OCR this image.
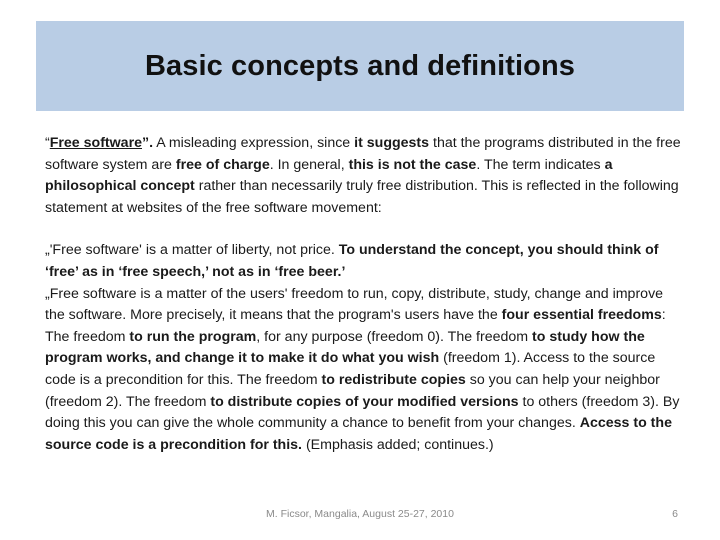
Basic concepts and definitions

“Free software”. A misleading expression, since it suggests that the programs distributed in the free software system are free of charge. In general, this is not the case. The term indicates a philosophical concept rather than necessarily truly free distribution. This is reflected in the following statement at websites of the free software movement:

„'Free software' is a matter of liberty, not price. To understand the concept, you should think of ‘free’ as in ‘free speech,’ not as in ‘free beer.’

„Free software is a matter of the users' freedom to run, copy, distribute, study, change and improve the software. More precisely, it means that the program's users have the four essential freedoms: The freedom to run the program, for any purpose (freedom 0). The freedom to study how the program works, and change it to make it do what you wish (freedom 1). Access to the source code is a precondition for this. The freedom to redistribute copies so you can help your neighbor (freedom 2). The freedom to distribute copies of your modified versions to others (freedom 3). By doing this you can give the whole community a chance to benefit from your changes. Access to the source code is a precondition for this. (Emphasis added; continues.)

M. Ficsor, Mangalia, August 25-27, 2010	6
